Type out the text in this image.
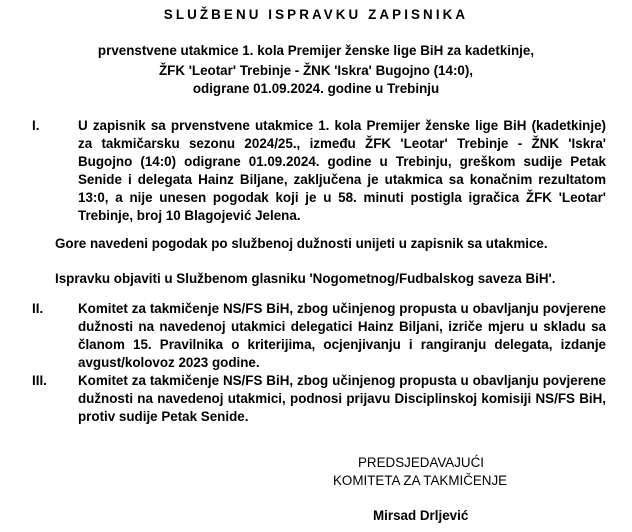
SLUŽBENU ISPRAVKU ZAPISNIKA
prvenstvene utakmice 1. kola Premijer ženske lige BiH za kadetkinje,
ŽFK 'Leotar' Trebinje - ŽNK 'Iskra' Bugojno (14:0),
odigrane 01.09.2024. godine u Trebinju
I.	U zapisnik sa prvenstvene utakmice 1. kola Premijer ženske lige BiH (kadetkinje) za takmičarsku sezonu 2024/25., između ŽFK 'Leotar' Trebinje - ŽNK 'Iskra' Bugojno (14:0) odigrane 01.09.2024. godine u Trebinju, greškom sudije Petak Senide i delegata Hainz Biljane, zaključena je utakmica sa konačnim rezultatom 13:0, a nije unesen pogodak koji je u 58. minuti postigla igračica ŽFK 'Leotar' Trebinje, broj 10 Blagojević Jelena.
Gore navedeni pogodak po službenoj dužnosti unijeti u zapisnik sa utakmice.
Ispravku objaviti u Službenom glasniku 'Nogometnog/Fudbalskog saveza BiH'.
II.	Komitet za takmičenje NS/FS BiH, zbog učinjenog propusta u obavljanju povjerene dužnosti na navedenoj utakmici delegatici Hainz Biljani, izriče mjeru u skladu sa članom 15. Pravilnika o kriterijima, ocjenjivanju i rangiranju delegata, izdanje avgust/kolovoz 2023 godine.
III. Komitet za takmičenje NS/FS BiH, zbog učinjenog propusta u obavljanju povjerene dužnosti na navedenoj utakmici, podnosi prijavu Disciplinskoj komisiji NS/FS BiH, protiv sudije Petak Senide.
PREDSJEDAVAJUĆI
KOMITETA ZA TAKMIČENJE
Mirsad Drljević
